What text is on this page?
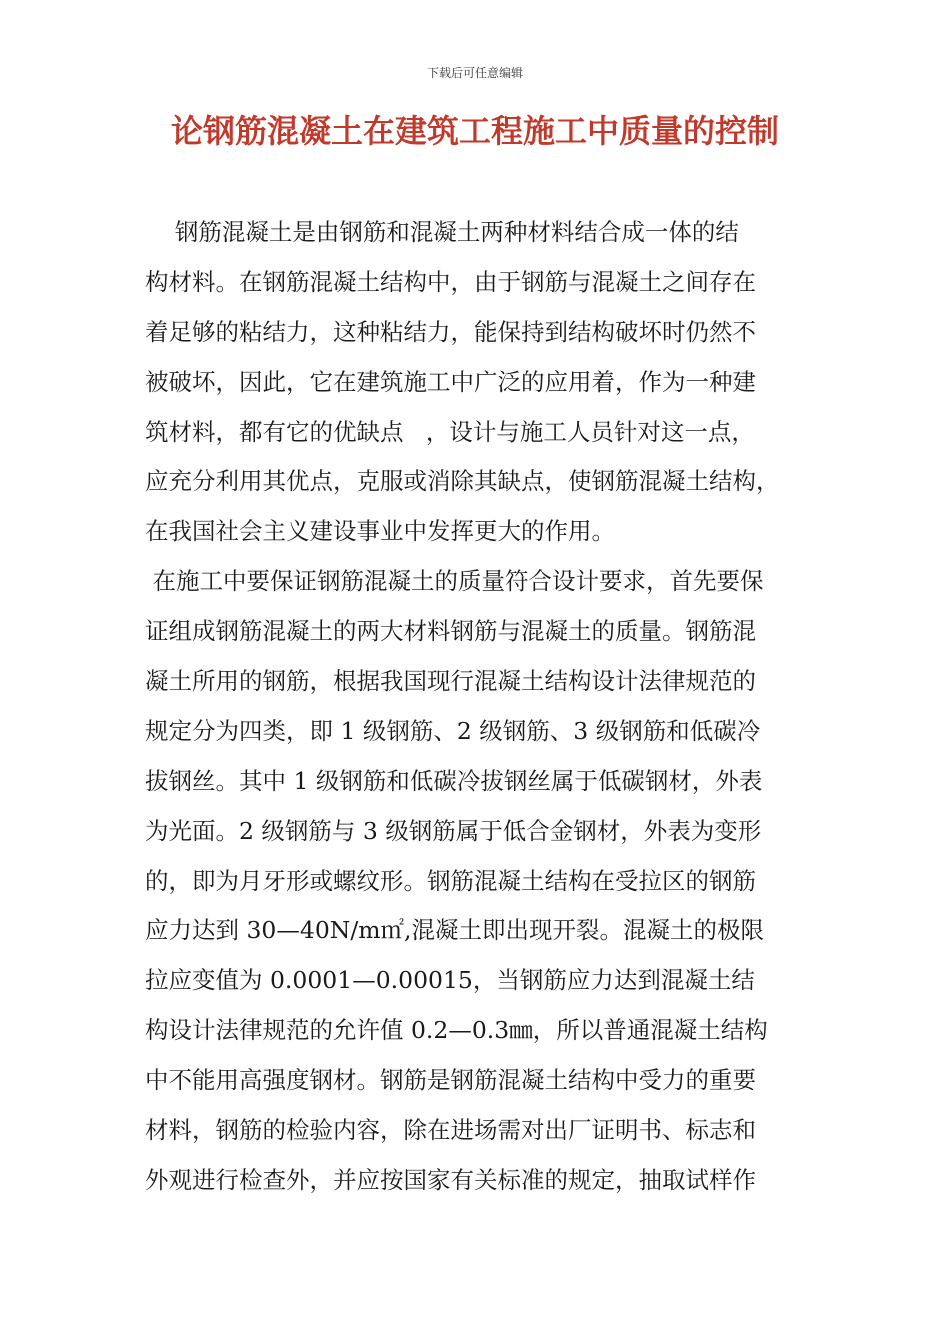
下载后可任意编辑
论钢筋混凝土在建筑工程施工中质量的控制
钢筋混凝土是由钢筋和混凝土两种材料结合成一体的结
构材料。在钢筋混凝土结构中，由于钢筋与混凝土之间存在
着足够的粘结力，这种粘结力，能保持到结构破坏时仍然不
被破坏，因此，它在建筑施工中广泛的应用着，作为一种建
筑材料，都有它的优缺点   ，设计与施工人员针对这一点，
应充分利用其优点，克服或消除其缺点，使钢筋混凝土结构，
在我国社会主义建设事业中发挥更大的作用。
在施工中要保证钢筋混凝土的质量符合设计要求，首先要保
证组成钢筋混凝土的两大材料钢筋与混凝土的质量。钢筋混
凝土所用的钢筋，根据我国现行混凝土结构设计法律规范的
规定分为四类，即 1 级钢筋、2 级钢筋、3 级钢筋和低碳冷
拔钢丝。其中 1 级钢筋和低碳冷拔钢丝属于低碳钢材，外表
为光面。2 级钢筋与 3 级钢筋属于低合金钢材，外表为变形
的，即为月牙形或螺纹形。钢筋混凝土结构在受拉区的钢筋
应力达到 30—40N/m㎡,混凝土即出现开裂。混凝土的极限
拉应变值为 0.0001—0.00015，当钢筋应力达到混凝土结
构设计法律规范的允许值 0.2—0.3㎜，所以普通混凝土结构
中不能用高强度钢材。钢筋是钢筋混凝土结构中受力的重要
材料，钢筋的检验内容，除在进场需对出厂证明书、标志和
外观进行检查外，并应按国家有关标准的规定，抽取试样作
